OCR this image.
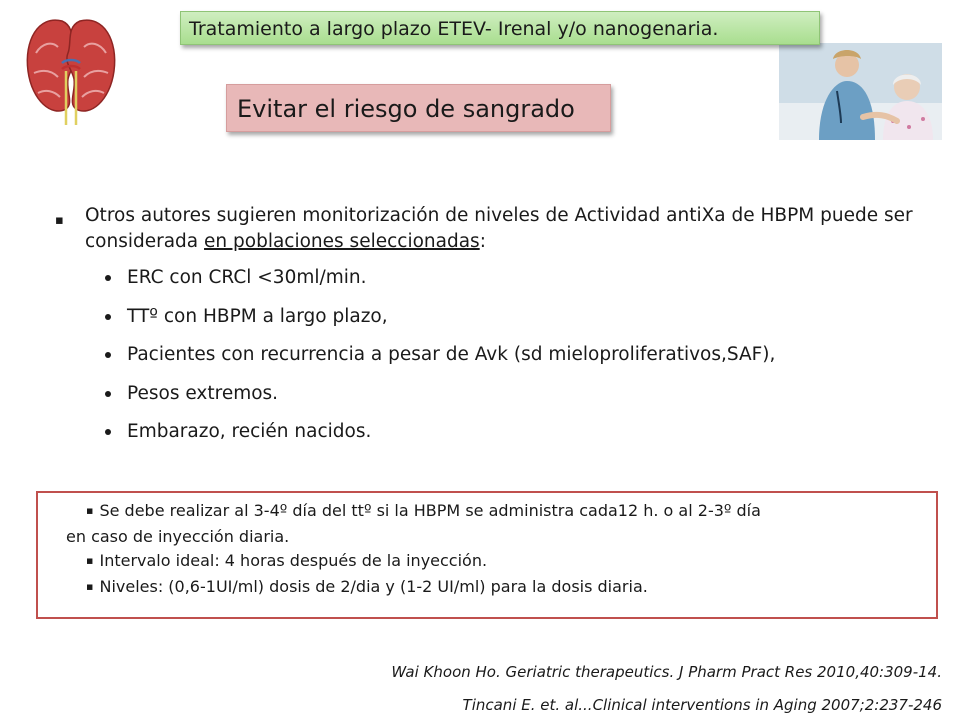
Tratamiento a largo plazo ETEV- Irenal y/o nanogenaria.
Evitar el riesgo de sangrado
▪ Otros autores sugieren monitorización de niveles de Actividad antiXa de HBPM puede ser considerada en poblaciones seleccionadas:
ERC con CRCl <30ml/min.
TTº con HBPM a largo plazo,
Pacientes con recurrencia a pesar de Avk (sd mieloproliferativos,SAF),
Pesos extremos.
Embarazo, recién nacidos.
▪ Se debe realizar al 3-4º día del ttº si la HBPM se administra cada12 h. o al 2-3º día
en caso de inyección diaria.
▪ Intervalo ideal: 4 horas después de la inyección.
▪ Niveles: (0,6-1UI/ml) dosis de 2/dia y (1-2 UI/ml) para la dosis diaria.
Wai Khoon Ho. Geriatric therapeutics. J Pharm Pract Res 2010,40:309-14.
Tincani E. et. al...Clinical interventions in Aging 2007;2:237-246
